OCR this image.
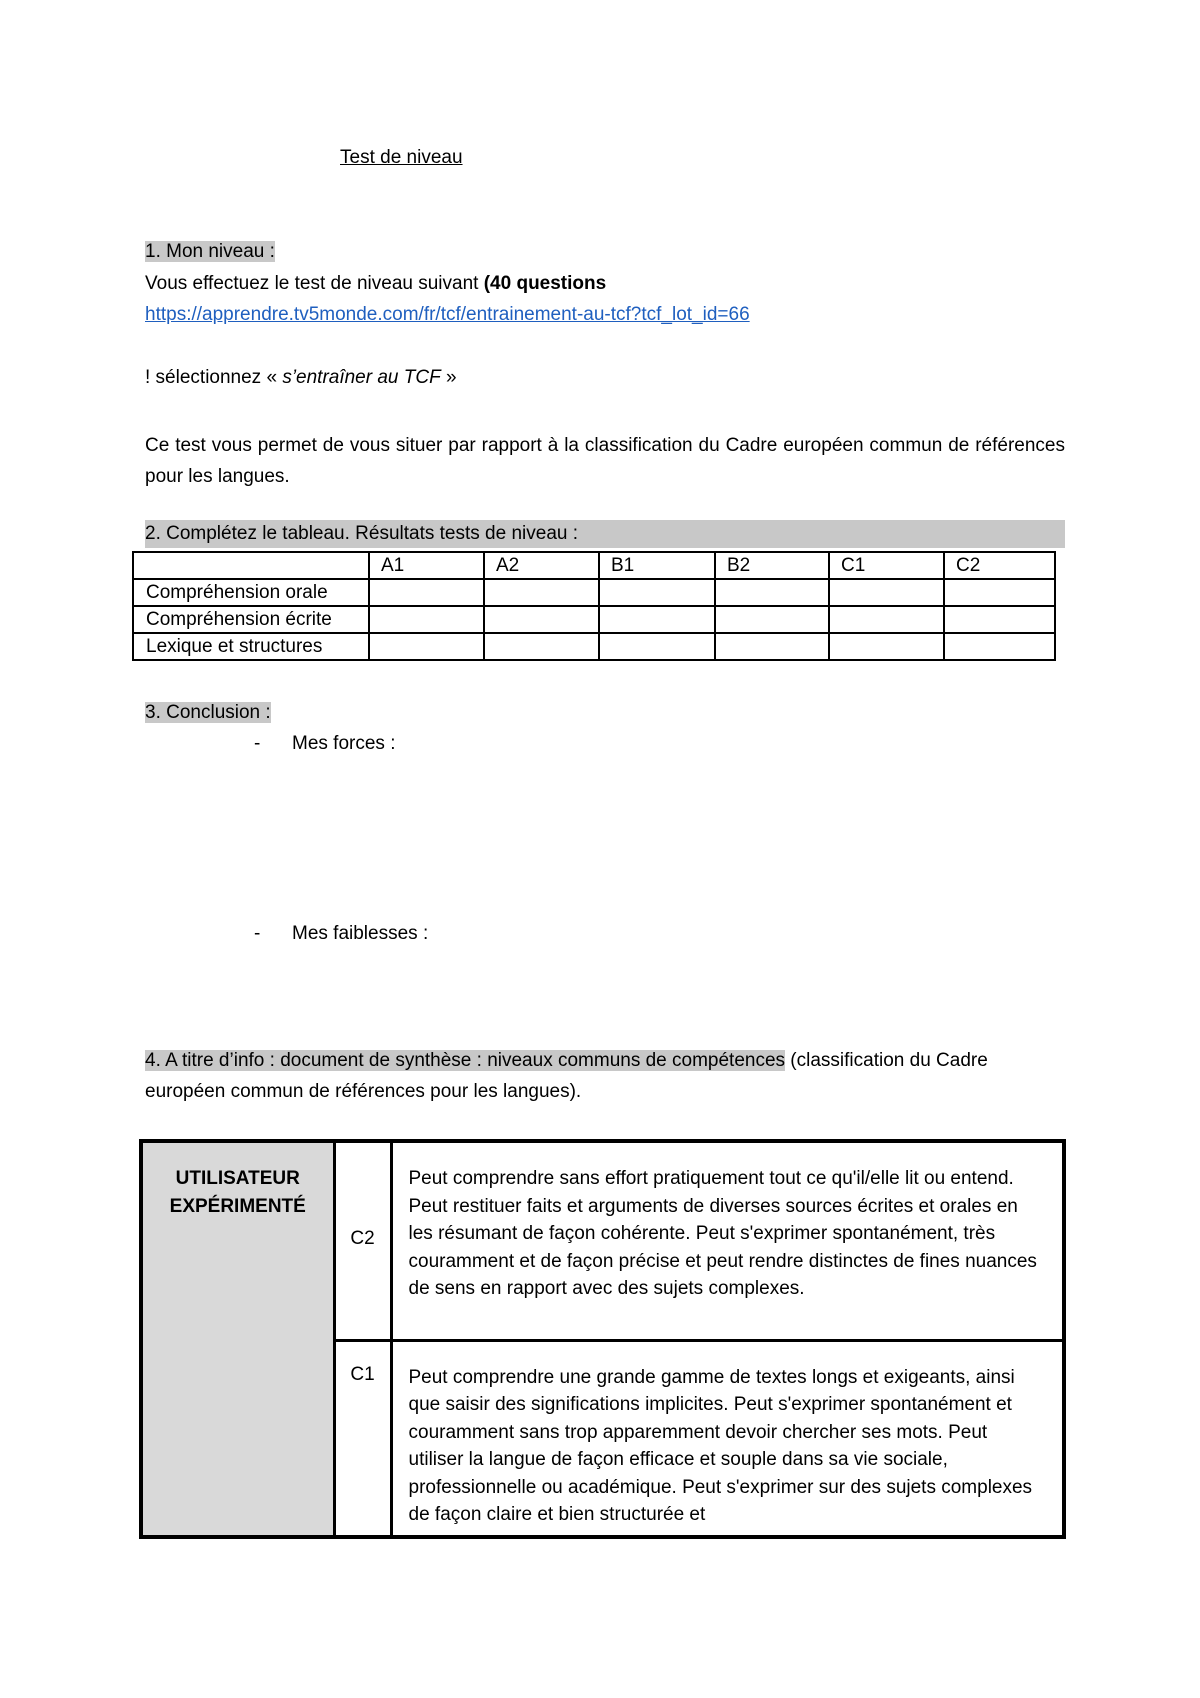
Test de niveau
1. Mon niveau :
Vous effectuez le test de niveau suivant (40 questions
https://apprendre.tv5monde.com/fr/tcf/entrainement-au-tcf?tcf_lot_id=66
! sélectionnez « s’entraîner au TCF »
Ce test vous permet de vous situer par rapport à la classification du Cadre européen commun de références pour les langues.
2. Complétez le tableau. Résultats tests de niveau :
	A1	A2	B1	B2	C1	C2
Compréhension orale						
Compréhension écrite						
Lexique et structures						
3. Conclusion :
- Mes forces :
- Mes faiblesses :
4. A titre d’info : document de synthèse : niveaux communs de compétences (classification du Cadre européen commun de références pour les langues).
UTILISATEUR EXPÉRIMENTÉ	C2	Peut comprendre sans effort pratiquement tout ce qu'il/elle lit ou entend. Peut restituer faits et arguments de diverses sources écrites et orales en les résumant de façon cohérente. Peut s'exprimer spontanément, très couramment et de façon précise et peut rendre distinctes de fines nuances de sens en rapport avec des sujets complexes.
	C1	Peut comprendre une grande gamme de textes longs et exigeants, ainsi que saisir des significations implicites. Peut s'exprimer spontanément et couramment sans trop apparemment devoir chercher ses mots. Peut utiliser la langue de façon efficace et souple dans sa vie sociale, professionnelle ou académique. Peut s'exprimer sur des sujets complexes de façon claire et bien structurée et
